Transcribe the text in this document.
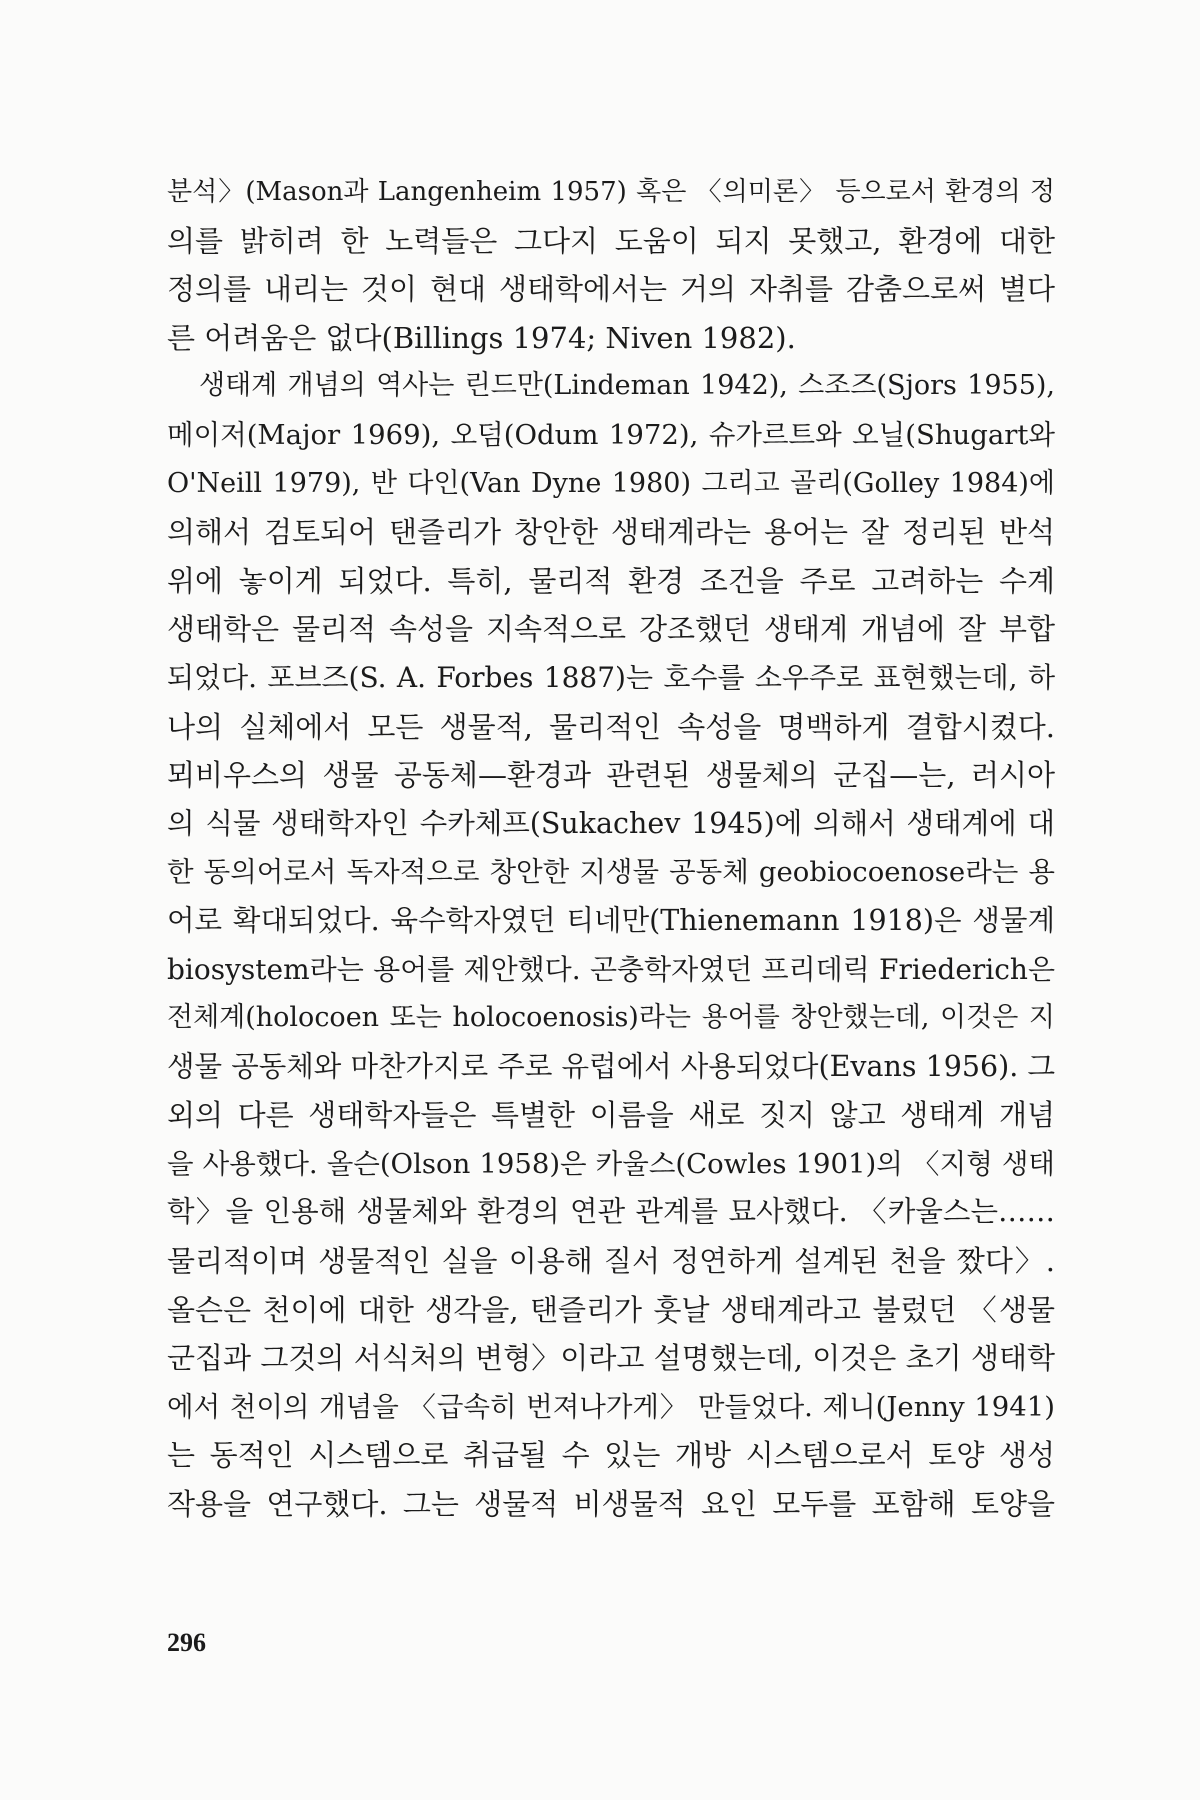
분석〉(Mason과 Langenheim 1957) 혹은 〈의미론〉 등으로서 환경의 정
의를 밝히려 한 노력들은 그다지 도움이 되지 못했고, 환경에 대한
정의를 내리는 것이 현대 생태학에서는 거의 자취를 감춤으로써 별다
른 어려움은 없다(Billings 1974; Niven 1982).
생태계 개념의 역사는 린드만(Lindeman 1942), 스조즈(Sjors 1955),
메이저(Major 1969), 오덤(Odum 1972), 슈가르트와 오닐(Shugart와
O'Neill 1979), 반 다인(Van Dyne 1980) 그리고 골리(Golley 1984)에
의해서 검토되어 탠즐리가 창안한 생태계라는 용어는 잘 정리된 반석
위에 놓이게 되었다. 특히, 물리적 환경 조건을 주로 고려하는 수계
생태학은 물리적 속성을 지속적으로 강조했던 생태계 개념에 잘 부합
되었다. 포브즈(S. A. Forbes 1887)는 호수를 소우주로 표현했는데, 하
나의 실체에서 모든 생물적, 물리적인 속성을 명백하게 결합시켰다.
뫼비우스의 생물 공동체—환경과 관련된 생물체의 군집—는, 러시아
의 식물 생태학자인 수카체프(Sukachev 1945)에 의해서 생태계에 대
한 동의어로서 독자적으로 창안한 지생물 공동체 geobiocoenose라는 용
어로 확대되었다. 육수학자였던 티네만(Thienemann 1918)은 생물계
biosystem라는 용어를 제안했다. 곤충학자였던 프리데릭 Friederich은
전체계(holocoen 또는 holocoenosis)라는 용어를 창안했는데, 이것은 지
생물 공동체와 마찬가지로 주로 유럽에서 사용되었다(Evans 1956). 그
외의 다른 생태학자들은 특별한 이름을 새로 짓지 않고 생태계 개념
을 사용했다. 올슨(Olson 1958)은 카울스(Cowles 1901)의 〈지형 생태
학〉을 인용해 생물체와 환경의 연관 관계를 묘사했다. 〈카울스는……
물리적이며 생물적인 실을 이용해 질서 정연하게 설계된 천을 짰다〉.
올슨은 천이에 대한 생각을, 탠즐리가 훗날 생태계라고 불렀던 〈생물
군집과 그것의 서식처의 변형〉이라고 설명했는데, 이것은 초기 생태학
에서 천이의 개념을 〈급속히 번져나가게〉 만들었다. 제니(Jenny 1941)
는 동적인 시스템으로 취급될 수 있는 개방 시스템으로서 토양 생성
작용을 연구했다. 그는 생물적 비생물적 요인 모두를 포함해 토양을
296
